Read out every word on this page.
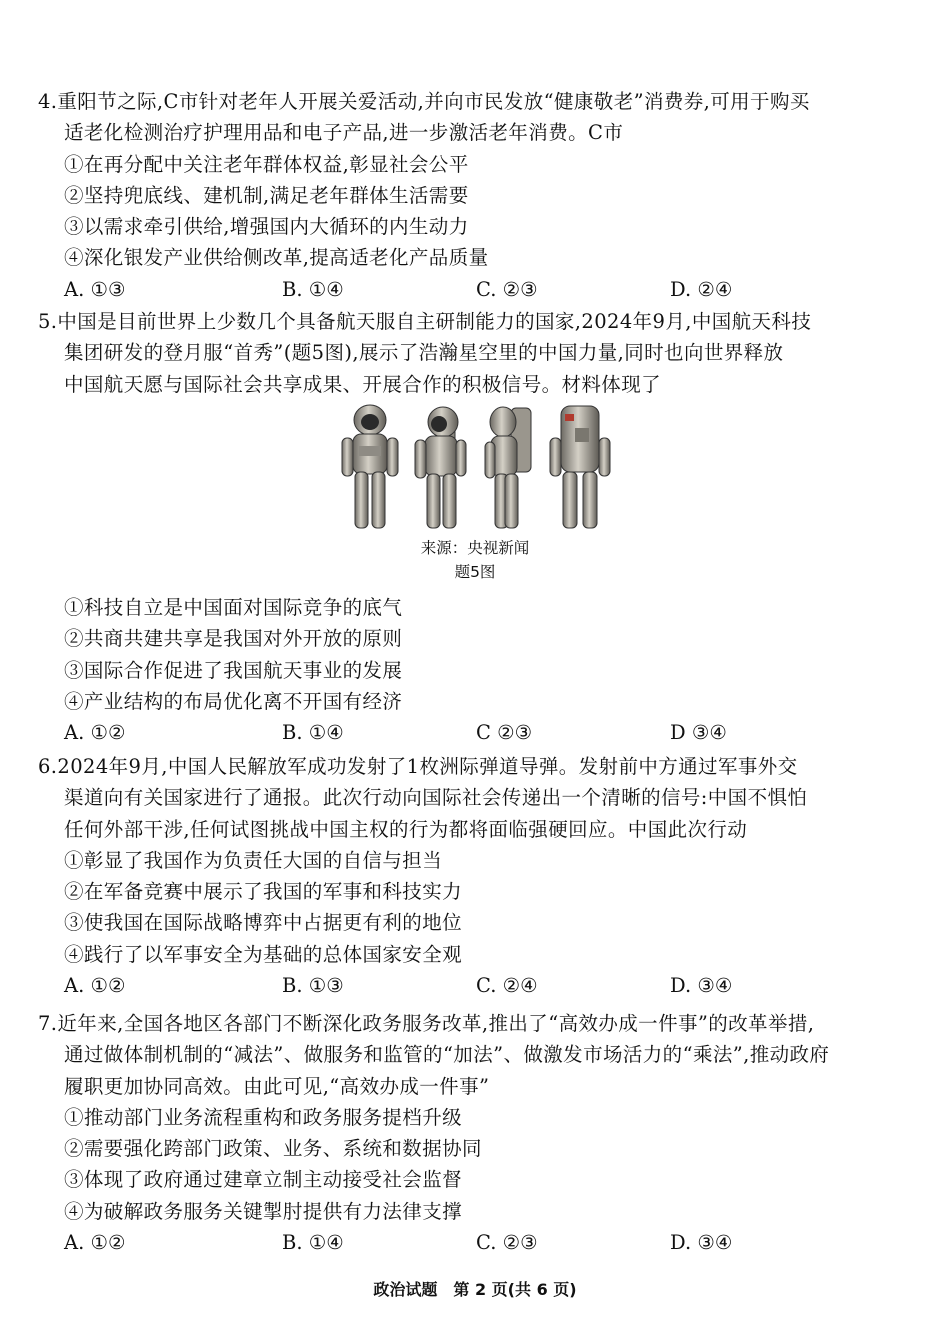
4.重阳节之际,C市针对老年人开展关爱活动,并向市民发放“健康敬老”消费券,可用于购买
适老化检测治疗护理用品和电子产品,进一步激活老年消费。C市
①在再分配中关注老年群体权益,彰显社会公平
②坚持兜底线、建机制,满足老年群体生活需要
③以需求牵引供给,增强国内大循环的内生动力
④深化银发产业供给侧改革,提高适老化产品质量
A. ①③	B. ①④	C. ②③	D. ②④
5.中国是目前世界上少数几个具备航天服自主研制能力的国家,2024年9月,中国航天科技
集团研发的登月服“首秀”(题5图),展示了浩瀚星空里的中国力量,同时也向世界释放
中国航天愿与国际社会共享成果、开展合作的积极信号。材料体现了
来源：央视新闻
题5图
①科技自立是中国面对国际竞争的底气
②共商共建共享是我国对外开放的原则
③国际合作促进了我国航天事业的发展
④产业结构的布局优化离不开国有经济
A. ①②	B. ①④	C ②③	D ③④
6.2024年9月,中国人民解放军成功发射了1枚洲际弹道导弹。发射前中方通过军事外交
渠道向有关国家进行了通报。此次行动向国际社会传递出一个清晰的信号:中国不惧怕
任何外部干涉,任何试图挑战中国主权的行为都将面临强硬回应。中国此次行动
①彰显了我国作为负责任大国的自信与担当
②在军备竞赛中展示了我国的军事和科技实力
③使我国在国际战略博弈中占据更有利的地位
④践行了以军事安全为基础的总体国家安全观
A. ①②	B. ①③	C. ②④	D. ③④
7.近年来,全国各地区各部门不断深化政务服务改革,推出了“高效办成一件事”的改革举措,
通过做体制机制的“减法”、做服务和监管的“加法”、做激发市场活力的“乘法”,推动政府
履职更加协同高效。由此可见,“高效办成一件事”
①推动部门业务流程重构和政务服务提档升级
②需要强化跨部门政策、业务、系统和数据协同
③体现了政府通过建章立制主动接受社会监督
④为破解政务服务关键掣肘提供有力法律支撑
A. ①②	B. ①④	C. ②③	D. ③④
政治试题　第 2 页(共 6 页)
